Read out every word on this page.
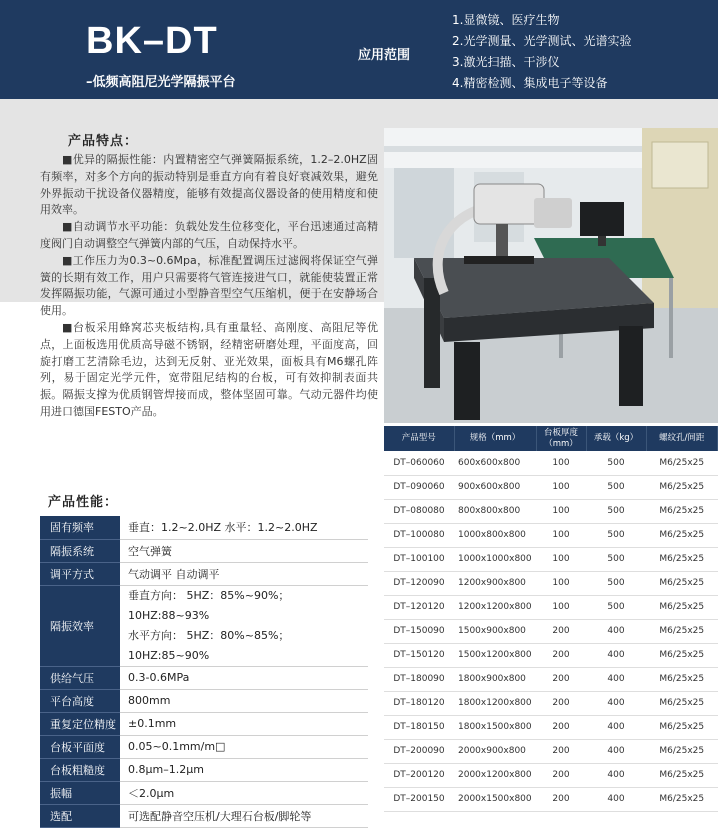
BK–DT
–低频高阻尼光学隔振平台
应用范围
1.显微镜、医疗生物
2.光学测量、光学测试、光谱实验
3.激光扫描、干涉仪
4.精密检测、集成电子等设备
产品特点：

■优异的隔振性能：内置精密空气弹簧隔振系统，1.2–2.0HZ固有频率，对多个方向的振动特别是垂直方向有着良好衰减效果，避免外界振动干扰设备仪器精度，能够有效提高仪器设备的使用精度和使用效率。

■自动调节水平功能：负载处发生位移变化，平台迅速通过高精度阀门自动调整空气弹簧内部的气压，自动保持水平。

■工作压力为0.3~0.6Mpa，标准配置调压过滤阀将保证空气弹簧的长期有效工作，用户只需要将气管连接进气口，就能使装置正常发挥隔振功能，气源可通过小型静音型空气压缩机，便于在安静场合使用。

■台板采用蜂窝芯夹板结构,具有重量轻、高刚度、高阻尼等优点，上面板选用优质高导磁不锈钢，经精密研磨处理，平面度高，回旋打磨工艺清除毛边，达到无反射、亚光效果，面板具有M6螺孔阵列，易于固定光学元件，宽带阻尼结构的台板，可有效抑制表面共振。隔振支撑为优质钢管焊接而成，整体坚固可靠。气动元器件均使用进口德国FESTO产品。

产品型号	规格（mm）	台板厚度（mm）	承载（kg）	螺纹孔/间距
DT–060060	600x600x800	100	500	M6/25x25
DT–090060	900x600x800	100	500	M6/25x25
DT–080080	800x800x800	100	500	M6/25x25
DT–100080	1000x800x800	100	500	M6/25x25
DT–100100	1000x1000x800	100	500	M6/25x25
DT–120090	1200x900x800	100	500	M6/25x25
DT–120120	1200x1200x800	100	500	M6/25x25
DT–150090	1500x900x800	200	400	M6/25x25
DT–150120	1500x1200x800	200	400	M6/25x25
DT–180090	1800x900x800	200	400	M6/25x25
DT–180120	1800x1200x800	200	400	M6/25x25
DT–180150	1800x1500x800	200	400	M6/25x25
DT–200090	2000x900x800	200	400	M6/25x25
DT–200120	2000x1200x800	200	400	M6/25x25
DT–200150	2000x1500x800	200	400	M6/25x25
产品性能：
固有频率	垂直：1.2~2.0HZ 水平：1.2~2.0HZ
隔振系统	空气弹簧
调平方式	气动调平 自动调平
隔振效率	垂直方向： 5HZ：85%~90%；10HZ:88~93%
水平方向： 5HZ：80%~85%；10HZ:85~90%

供给气压	0.3-0.6MPa
平台高度	800mm
重复定位精度	±0.1mm
台板平面度	0.05~0.1mm/m□
台板粗糙度	0.8μm–1.2μm
振幅	＜2.0μm
选配	可选配静音空压机/大理石台板/脚轮等
